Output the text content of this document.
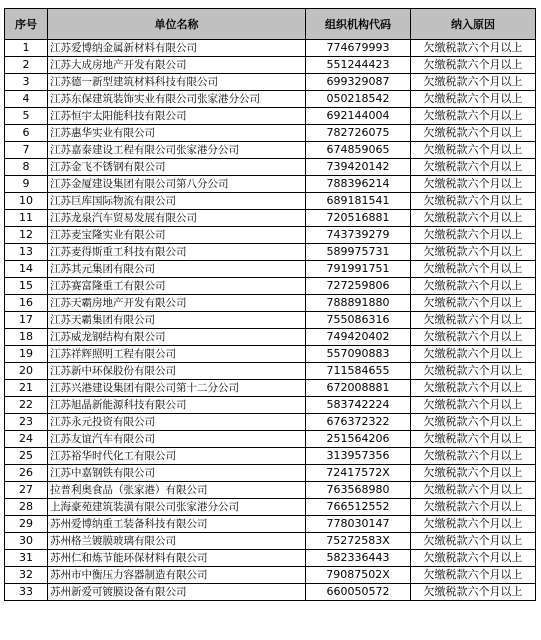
序号	单位名称	组织机构代码	纳入原因
1	江苏爱博纳金属新材料有限公司	774679993	欠缴税款六个月以上
2	江苏大成房地产开发有限公司	551244423	欠缴税款六个月以上
3	江苏德一新型建筑材料科技有限公司	699329087	欠缴税款六个月以上
4	江苏东保建筑装饰实业有限公司张家港分公司	050218542	欠缴税款六个月以上
5	江苏恒宇太阳能科技有限公司	692144004	欠缴税款六个月以上
6	江苏惠华实业有限公司	782726075	欠缴税款六个月以上
7	江苏嘉泰建设工程有限公司张家港分公司	674859065	欠缴税款六个月以上
8	江苏金飞不锈钢有限公司	739420142	欠缴税款六个月以上
9	江苏金厦建设集团有限公司第八分公司	788396214	欠缴税款六个月以上
10	江苏巨库国际物流有限公司	689181541	欠缴税款六个月以上
11	江苏龙泉汽车贸易发展有限公司	720516881	欠缴税款六个月以上
12	江苏麦宝隆实业有限公司	743739279	欠缴税款六个月以上
13	江苏麦得斯重工科技有限公司	589975731	欠缴税款六个月以上
14	江苏其元集团有限公司	791991751	欠缴税款六个月以上
15	江苏赛富隆重工有限公司	727259806	欠缴税款六个月以上
16	江苏天霸房地产开发有限公司	788891880	欠缴税款六个月以上
17	江苏天霸集团有限公司	755086316	欠缴税款六个月以上
18	江苏威龙钢结构有限公司	749420402	欠缴税款六个月以上
19	江苏祥辉照明工程有限公司	557090883	欠缴税款六个月以上
20	江苏新中环保股份有限公司	711584655	欠缴税款六个月以上
21	江苏兴港建设集团有限公司第十二分公司	672008881	欠缴税款六个月以上
22	江苏旭晶新能源科技有限公司	583742224	欠缴税款六个月以上
23	江苏永元投资有限公司	676372322	欠缴税款六个月以上
24	江苏友谊汽车有限公司	251564206	欠缴税款六个月以上
25	江苏裕华时代化工有限公司	313957356	欠缴税款六个月以上
26	江苏中嘉钢铁有限公司	72417572X	欠缴税款六个月以上
27	拉普利奥食品（张家港）有限公司	763568980	欠缴税款六个月以上
28	上海豪苑建筑装潢有限公司张家港分公司	766512552	欠缴税款六个月以上
29	苏州爱博纳重工装备科技有限公司	778030147	欠缴税款六个月以上
30	苏州格兰镀膜玻璃有限公司	75272583X	欠缴税款六个月以上
31	苏州仁和炼节能环保材料有限公司	582336443	欠缴税款六个月以上
32	苏州市中衡压力容器制造有限公司	79087502X	欠缴税款六个月以上
33	苏州新爱可镀膜设备有限公司	660050572	欠缴税款六个月以上
